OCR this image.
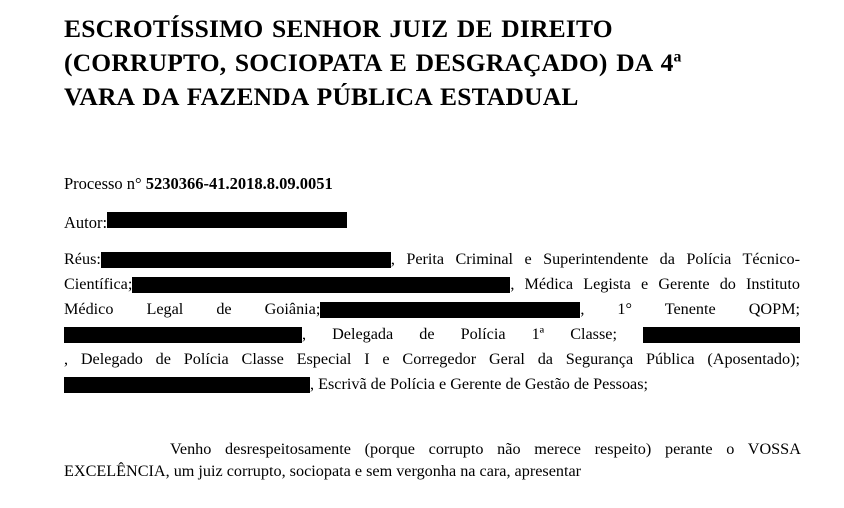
ESCROTÍSSIMO SENHOR JUIZ DE DIREITO
(CORRUPTO, SOCIOPATA E DESGRAÇADO) DA 4$^a$
VARA DA FAZENDA PÚBLICA ESTADUAL

Processo n° 5230366-41.2018.8.09.0051

Autor:

Réus:	, Perita Criminal e Superintendente da Polícia Técnico-Científica;	, Médica Legista e Gerente do Instituto Médico Legal de Goiânia;	, 1° Tenente QOPM; , Delegada de Polícia 1ª Classe; , Delegado de Polícia Classe Especial I e Corregedor Geral da Segurança Pública (Aposentado);, Escrivã de Polícia e Gerente de Gestão de Pessoas;

Venho desrespeitosamente (porque corrupto não merece respeito) perante o VOSSA EXCELÊNCIA, um juiz corrupto, sociopata e sem vergonha na cara, apresentar
